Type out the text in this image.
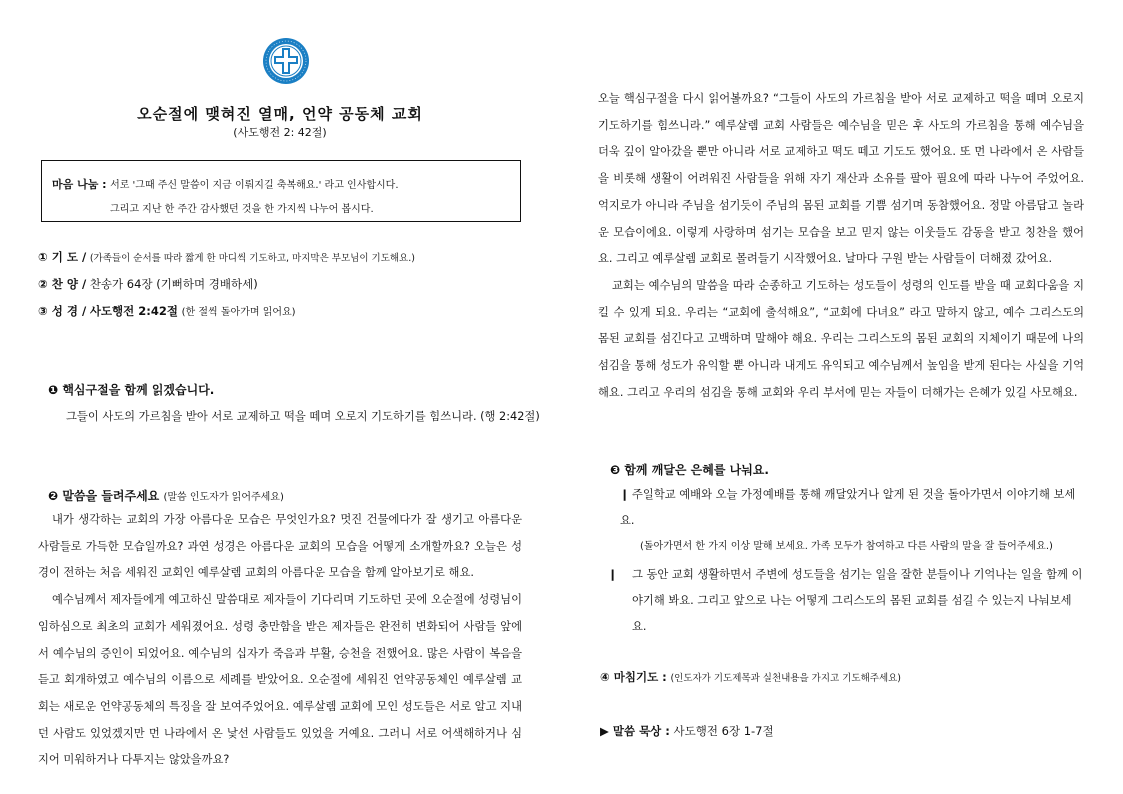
오순절에 맺혀진 열매, 언약 공동체 교회
(사도행전 2: 42절)
마음 나눔 : 서로 '그때 주신 말씀이 지금 이뤄지길 축복해요.' 라고 인사합시다.
그리고 지난 한 주간 감사했던 것을 한 가지씩 나누어 봅시다.
① 기 도 / (가족들이 순서를 따라 짧게 한 마디씩 기도하고, 마지막은 부모님이 기도해요.)
② 찬 양 / 찬송가 64장 (기뻐하며 경배하세)
③ 성 경 / 사도행전 2:42절 (한 절씩 돌아가며 읽어요)
❶ 핵심구절을 함께 읽겠습니다.
그들이 사도의 가르침을 받아 서로 교제하고 떡을 떼며 오로지 기도하기를 힘쓰니라. (행 2:42절)
❷ 말씀을 들려주세요 (말씀 인도자가 읽어주세요)

내가 생각하는 교회의 가장 아름다운 모습은 무엇인가요? 멋진 건물에다가 잘 생기고 아름다운 사람들로 가득한 모습일까요? 과연 성경은 아름다운 교회의 모습을 어떻게 소개할까요? 오늘은 성경이 전하는 처음 세워진 교회인 예루살렘 교회의 아름다운 모습을 함께 알아보기로 해요.

예수님께서 제자들에게 예고하신 말씀대로 제자들이 기다리며 기도하던 곳에 오순절에 성령님이 임하심으로 최초의 교회가 세워졌어요. 성령 충만함을 받은 제자들은 완전히 변화되어 사람들 앞에서 예수님의 증인이 되었어요. 예수님의 십자가 죽음과 부활, 승천을 전했어요. 많은 사람이 복음을 듣고 회개하였고 예수님의 이름으로 세례를 받았어요. 오순절에 세워진 언약공동체인 예루살렘 교회는 새로운 언약공동체의 특징을 잘 보여주었어요. 예루살렘 교회에 모인 성도들은 서로 알고 지내던 사람도 있었겠지만 먼 나라에서 온 낯선 사람들도 있었을 거예요. 그러니 서로 어색해하거나 심지어 미워하거나 다투지는 않았을까요?

오늘 핵심구절을 다시 읽어볼까요? “그들이 사도의 가르침을 받아 서로 교제하고 떡을 떼며 오로지 기도하기를 힘쓰니라.” 예루살렘 교회 사람들은 예수님을 믿은 후 사도의 가르침을 통해 예수님을 더욱 깊이 알아갔을 뿐만 아니라 서로 교제하고 떡도 떼고 기도도 했어요. 또 먼 나라에서 온 사람들을 비롯해 생활이 어려워진 사람들을 위해 자기 재산과 소유를 팔아 필요에 따라 나누어 주었어요. 억지로가 아니라 주님을 섬기듯이 주님의 몸된 교회를 기쁨 섬기며 동참했어요. 정말 아름답고 놀라운 모습이에요. 이렇게 사랑하며 섬기는 모습을 보고 믿지 않는 이웃들도 감동을 받고 칭찬을 했어요. 그리고 예루살렘 교회로 몰려들기 시작했어요. 날마다 구원 받는 사람들이 더해졌 갔어요.

교회는 예수님의 말씀을 따라 순종하고 기도하는 성도들이 성령의 인도를 받을 때 교회다움을 지킬 수 있게 되요. 우리는 “교회에 출석해요”, “교회에 다녀요” 라고 말하지 않고, 예수 그리스도의 몸된 교회를 섬긴다고 고백하며 말해야 해요. 우리는 그리스도의 몸된 교회의 지체이기 때문에 나의 섬김을 통해 성도가 유익할 뿐 아니라 내게도 유익되고 예수님께서 높임을 받게 된다는 사실을 기억해요. 그리고 우리의 섬김을 통해 교회와 우리 부서에 믿는 자들이 더해가는 은혜가 있길 사모해요.

❸ 함께 깨달은 은혜를 나눠요.
❙ 주일학교 예배와 오늘 가정예배를 통해 깨달았거나 알게 된 것을 돌아가면서 이야기해 보세요.
(돌아가면서 한 가지 이상 말해 보세요. 가족 모두가 참여하고 다른 사람의 말을 잘 들어주세요.)
❙ 그 동안 교회 생활하면서 주변에 성도들을 섬기는 일을 잘한 분들이나 기억나는 일을 함께 이야기해 봐요. 그리고 앞으로 나는 어떻게 그리스도의 몸된 교회를 섬길 수 있는지 나눠보세요.
④ 마침기도 : (인도자가 기도제목과 실천내용을 가지고 기도해주세요)
▶ 말씀 묵상 : 사도행전 6장 1-7절
